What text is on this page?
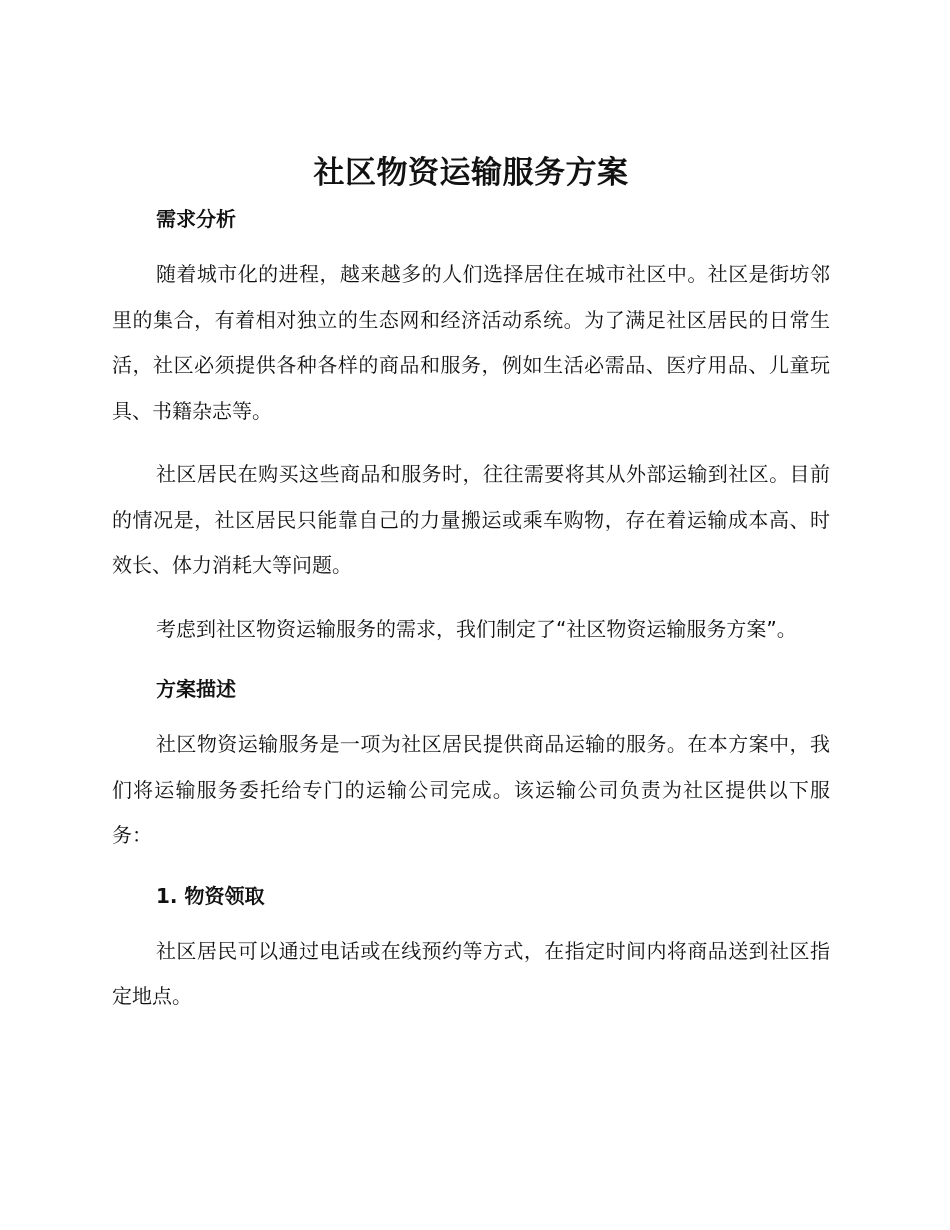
社区物资运输服务方案
需求分析

随着城市化的进程，越来越多的人们选择居住在城市社区中。社区是街坊邻里的集合，有着相对独立的生态网和经济活动系统。为了满足社区居民的日常生活，社区必须提供各种各样的商品和服务，例如生活必需品、医疗用品、儿童玩具、书籍杂志等。

社区居民在购买这些商品和服务时，往往需要将其从外部运输到社区。目前的情况是，社区居民只能靠自己的力量搬运或乘车购物，存在着运输成本高、时效长、体力消耗大等问题。

考虑到社区物资运输服务的需求，我们制定了“社区物资运输服务方案”。

方案描述

社区物资运输服务是一项为社区居民提供商品运输的服务。在本方案中，我们将运输服务委托给专门的运输公司完成。该运输公司负责为社区提供以下服务：

1. 物资领取

社区居民可以通过电话或在线预约等方式，在指定时间内将商品送到社区指定地点。
